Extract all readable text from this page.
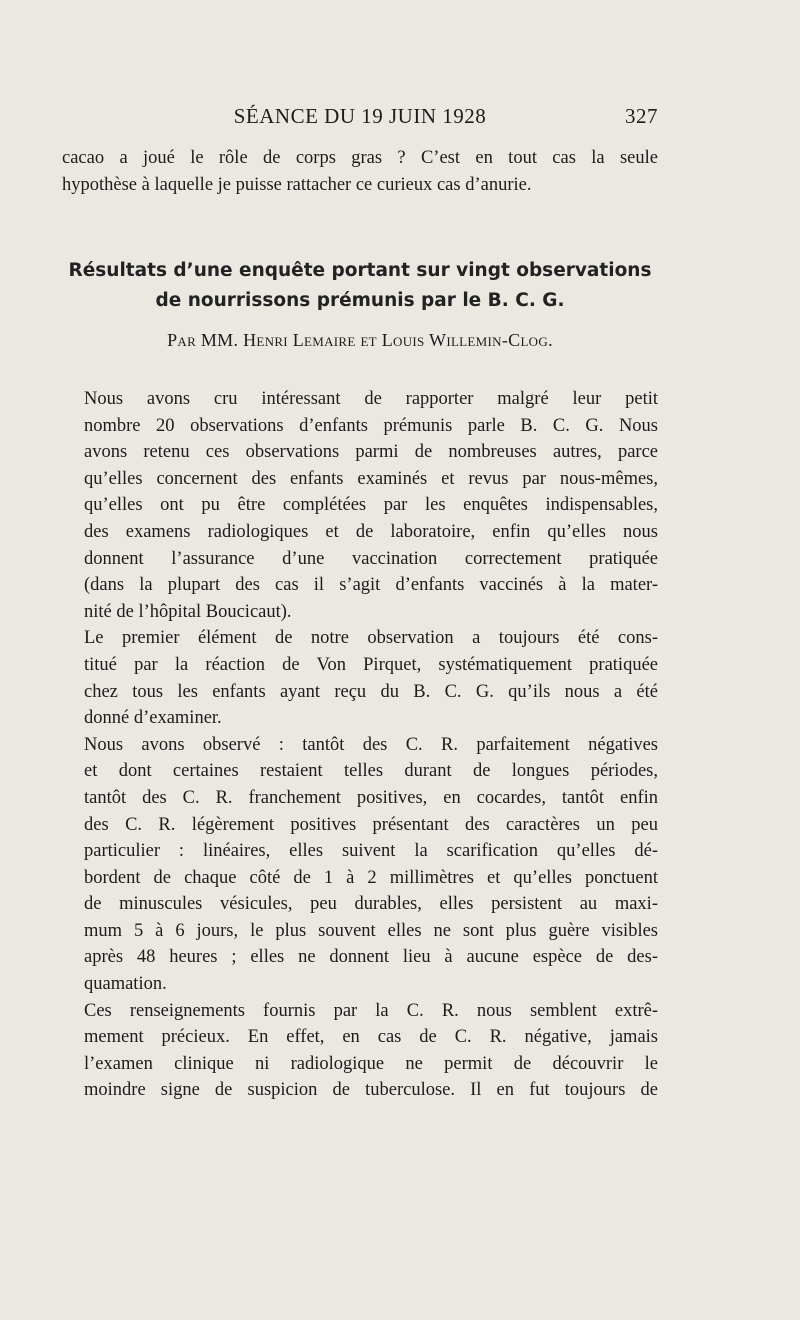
SÉANCE DU 19 JUIN 1928	327
cacao a joué le rôle de corps gras ? C’est en tout cas la seule
hypothèse à laquelle je puisse rattacher ce curieux cas d’anurie.
Résultats d’une enquête portant sur vingt observations
de nourrissons prémunis par le B. C. G.
Par MM. Henri Lemaire et Louis Willemin-Clog.

Nous avons cru intéressant de rapporter malgré leur petit
nombre 20 observations d’enfants prémunis parle B. C. G. Nous
avons retenu ces observations parmi de nombreuses autres, parce
qu’elles concernent des enfants examinés et revus par nous-mêmes,
qu’elles ont pu être complétées par les enquêtes indispensables,
des examens radiologiques et de laboratoire, enfin qu’elles nous
donnent l’assurance d’une vaccination correctement pratiquée
(dans la plupart des cas il s’agit d’enfants vaccinés à la mater-
nité de l’hôpital Boucicaut).

Le premier élément de notre observation a toujours été cons-
titué par la réaction de Von Pirquet, systématiquement pratiquée
chez tous les enfants ayant reçu du B. C. G. qu’ils nous a été
donné d’examiner.

Nous avons observé : tantôt des C. R. parfaitement négatives
et dont certaines restaient telles durant de longues périodes,
tantôt des C. R. franchement positives, en cocardes, tantôt enfin
des C. R. légèrement positives présentant des caractères un peu
particulier : linéaires, elles suivent la scarification qu’elles dé-
bordent de chaque côté de 1 à 2 millimètres et qu’elles ponctuent
de minuscules vésicules, peu durables, elles persistent au maxi-
mum 5 à 6 jours, le plus souvent elles ne sont plus guère visibles
après 48 heures ; elles ne donnent lieu à aucune espèce de des-
quamation.

Ces renseignements fournis par la C. R. nous semblent extrê-
mement précieux. En effet, en cas de C. R. négative, jamais
l’examen clinique ni radiologique ne permit de découvrir le
moindre signe de suspicion de tuberculose. Il en fut toujours de
